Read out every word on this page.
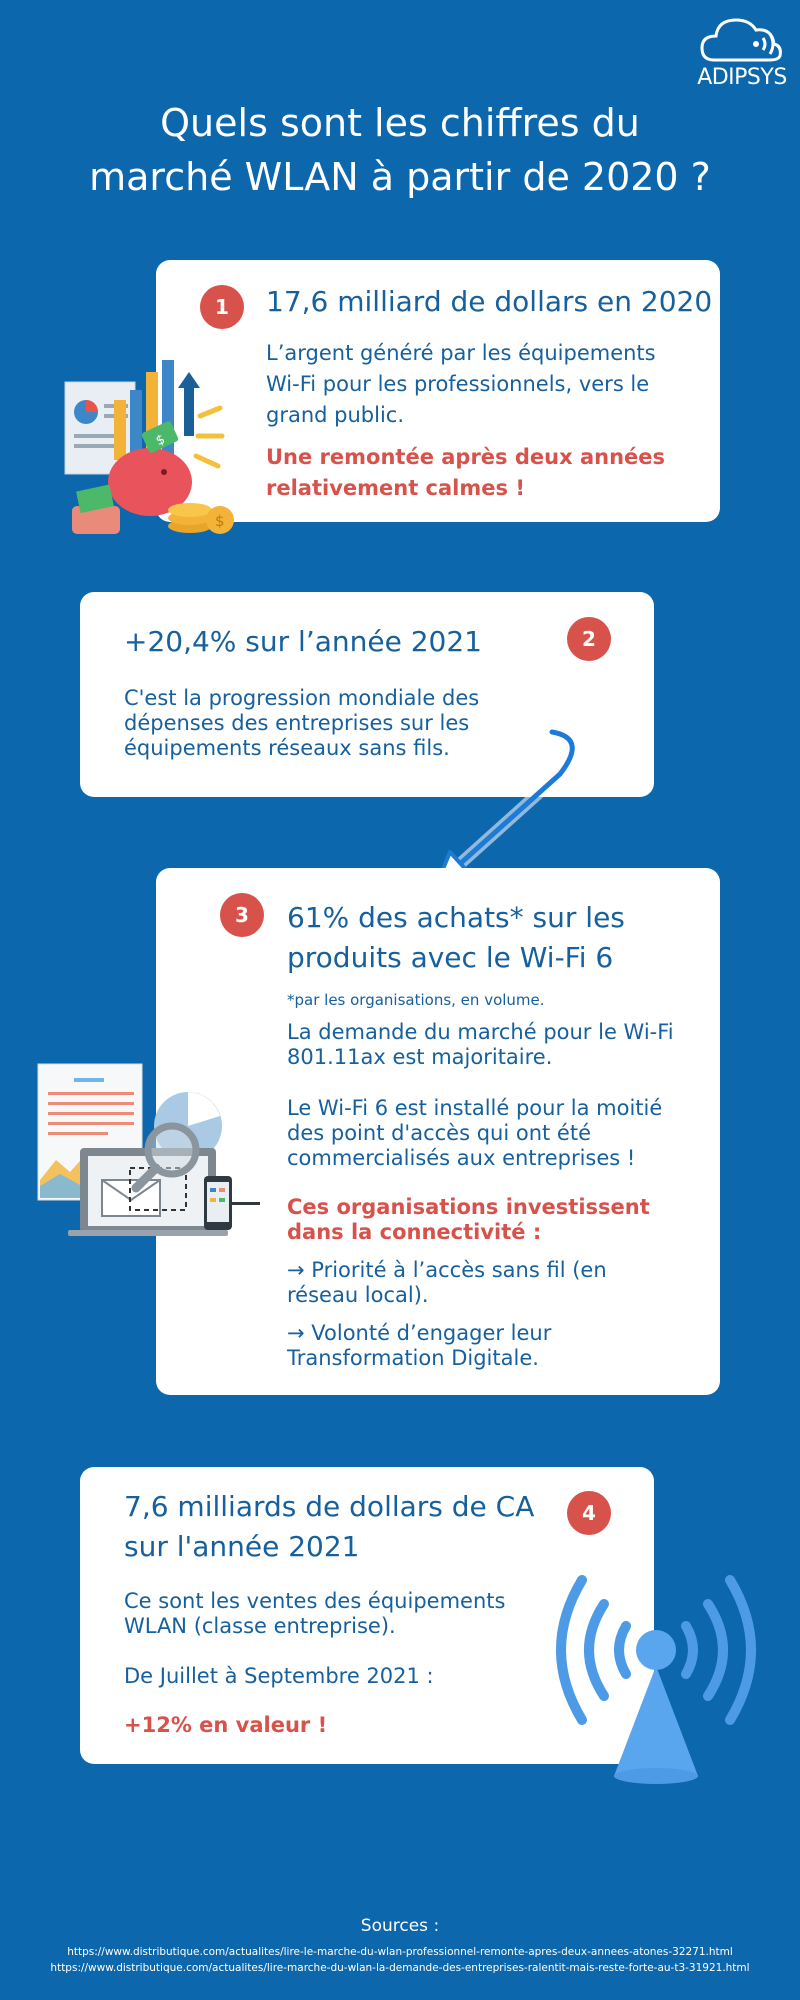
ADIPSYS
Quels sont les chiffres du
marché WLAN à partir de 2020 ?
1	17,6 milliard de dollars en 2020
L’argent généré par les équipements
Wi-Fi pour les professionnels, vers le
grand public.
Une remontée après deux années
relativement calmes !
$
$
2
+20,4% sur l’année 2021
C'est la progression mondiale des
dépenses des entreprises sur les
équipements réseaux sans fils.
3	61% des achats* sur les
produits avec le Wi-Fi 6
*par les organisations, en volume.
La demande du marché pour le Wi-Fi
801.11ax est majoritaire.
Le Wi-Fi 6 est installé pour la moitié
des point d'accès qui ont été
commercialisés aux entreprises !
Ces organisations investissent
dans la connectivité :
→ Priorité à l’accès sans fil (en
réseau local).
→ Volonté d’engager leur
Transformation Digitale.
4
7,6 milliards de dollars de CA
sur l'année 2021
Ce sont les ventes des équipements
WLAN (classe entreprise).
De Juillet à Septembre 2021 :
+12% en valeur !
Sources :
https://www.distributique.com/actualites/lire-le-marche-du-wlan-professionnel-remonte-apres-deux-annees-atones-32271.html
https://www.distributique.com/actualites/lire-marche-du-wlan-la-demande-des-entreprises-ralentit-mais-reste-forte-au-t3-31921.html
